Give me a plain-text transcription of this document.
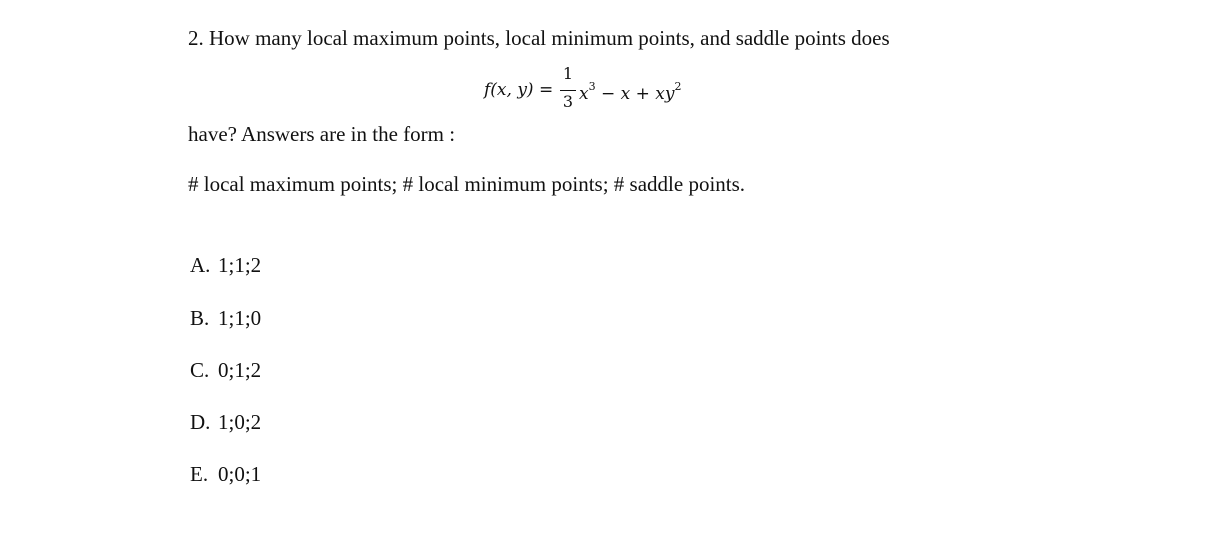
2. How many local maximum points, local minimum points, and saddle points does
f(x, y) =
1
3 $x^3 - x + xy^2$
have? Answers are in the form :
# local maximum points; # local minimum points; # saddle points.
A. 1;1;2
B. 1;1;0
C. 0;1;2
D. 1;0;2
E. 0;0;1
